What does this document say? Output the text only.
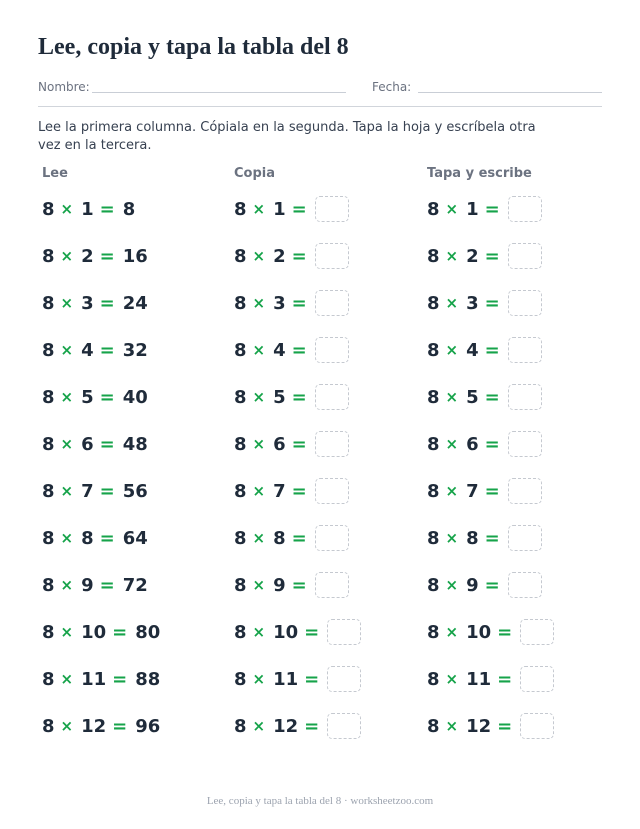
Lee, copia y tapa la tabla del 8
Nombre:	Fecha:
Lee la primera columna. Cópiala en la segunda. Tapa la hoja y escríbela otra vez en la tercera.
Lee	Copia	Tapa y escribe
8 × 1 = 8	8 × 1 =	8 × 1 =
8 × 2 = 16	8 × 2 =	8 × 2 =
8 × 3 = 24	8 × 3 =	8 × 3 =
8 × 4 = 32	8 × 4 =	8 × 4 =
8 × 5 = 40	8 × 5 =	8 × 5 =
8 × 6 = 48	8 × 6 =	8 × 6 =
8 × 7 = 56	8 × 7 =	8 × 7 =
8 × 8 = 64	8 × 8 =	8 × 8 =
8 × 9 = 72	8 × 9 =	8 × 9 =
8 × 10 = 80	8 × 10 =	8 × 10 =
8 × 11 = 88	8 × 11 =	8 × 11 =
8 × 12 = 96	8 × 12 =	8 × 12 =
Lee, copia y tapa la tabla del 8 · worksheetzoo.com
